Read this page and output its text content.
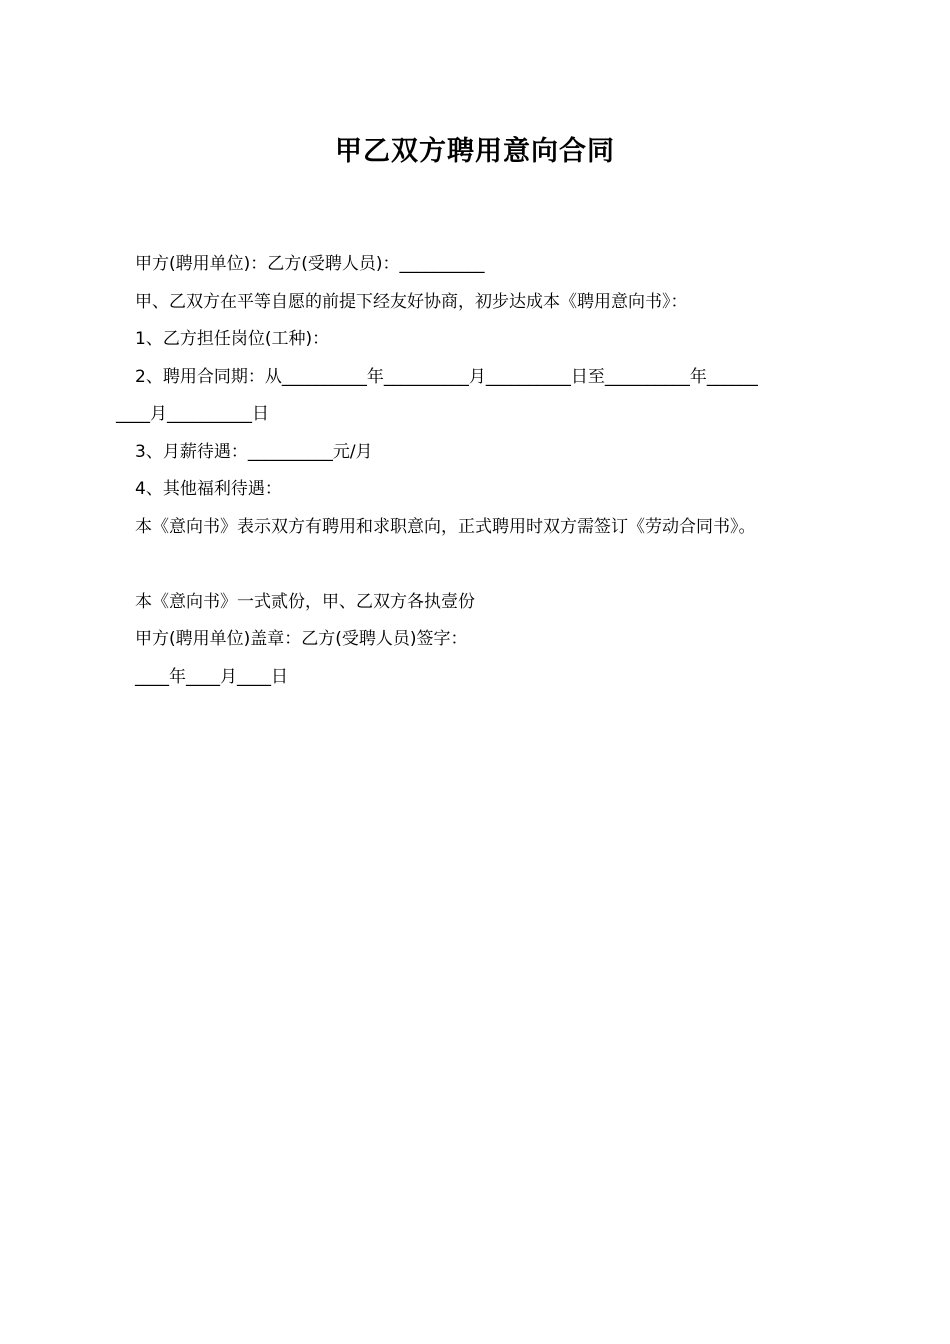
甲乙双方聘用意向合同

甲方(聘用单位)：乙方(受聘人员)：__________

甲、乙双方在平等自愿的前提下经友好协商，初步达成本《聘用意向书》：

1、乙方担任岗位(工种)：

2、聘用合同期：从__________年__________月__________日至__________年______

____月__________日

3、月薪待遇：__________元/月

4、其他福利待遇：

本《意向书》表示双方有聘用和求职意向，正式聘用时双方需签订《劳动合同书》。

本《意向书》一式贰份，甲、乙双方各执壹份

甲方(聘用单位)盖章：乙方(受聘人员)签字：

____年____月____日
